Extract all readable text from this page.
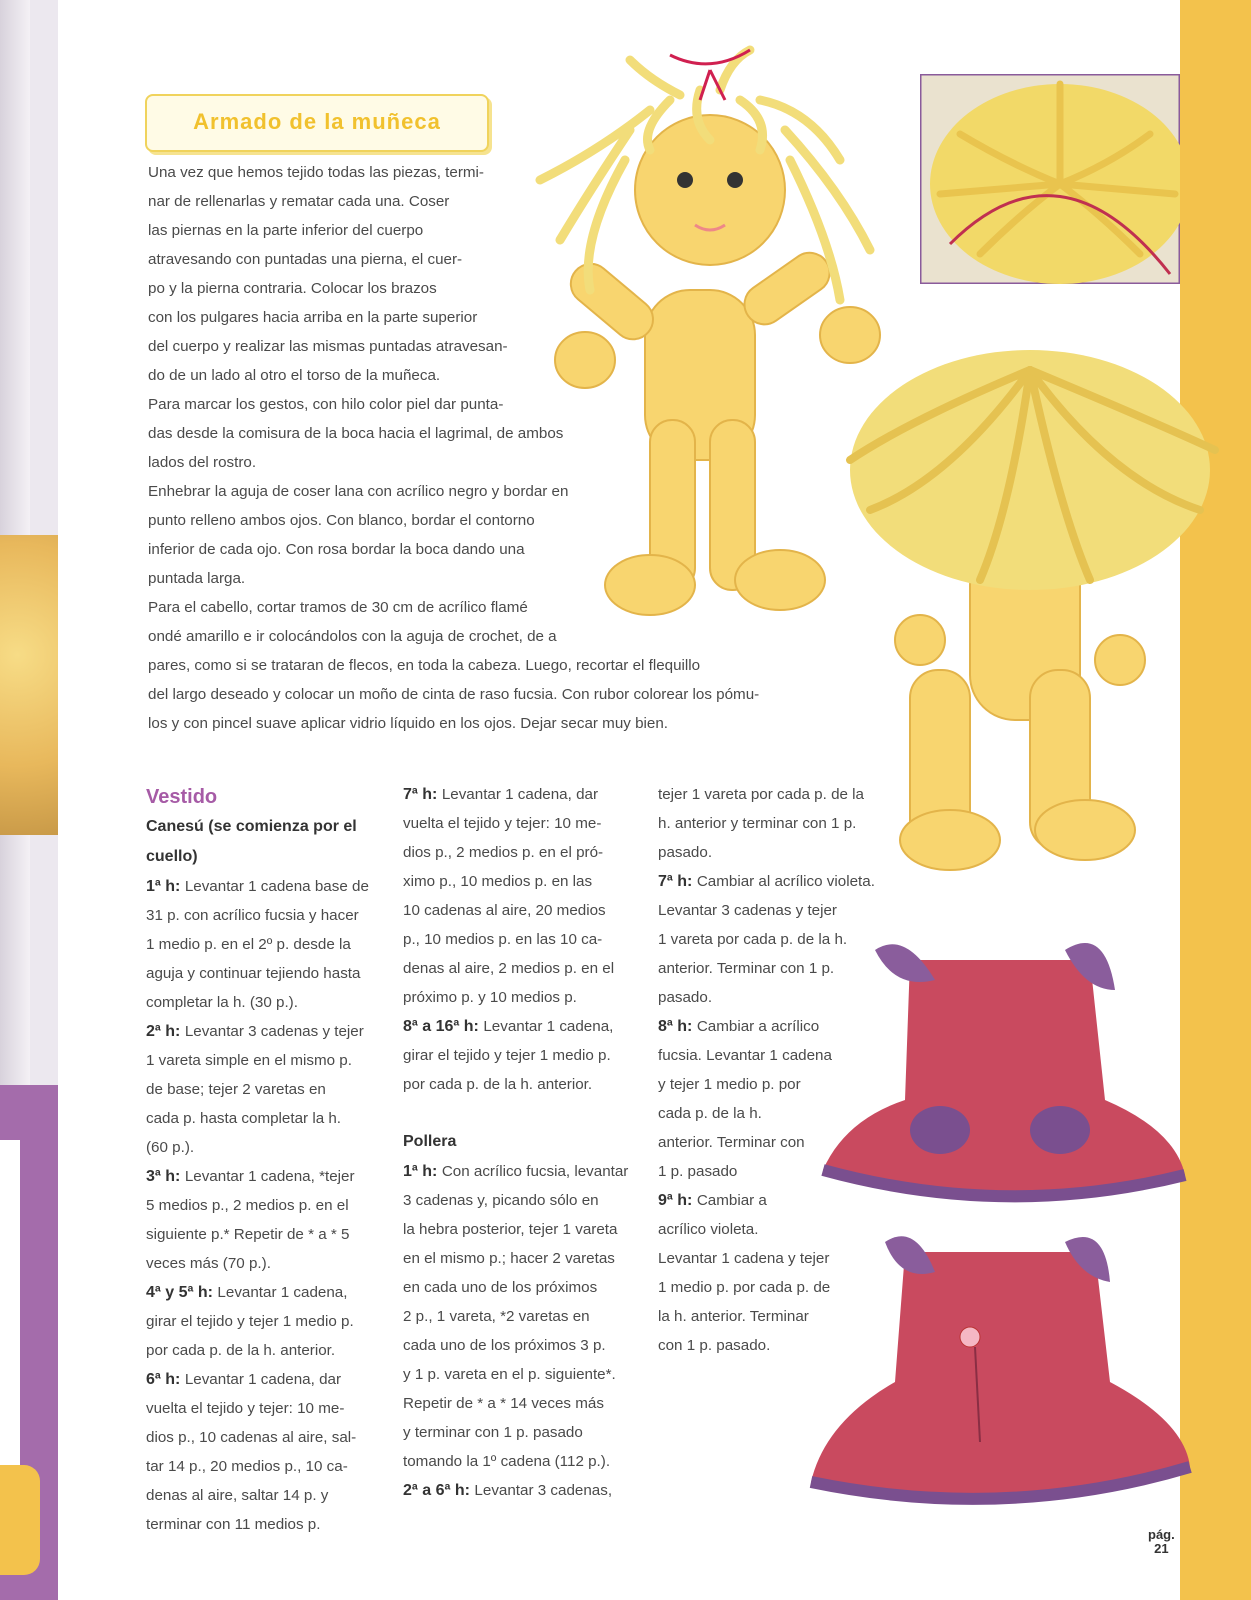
Armado de la muñeca
Una vez que hemos tejido todas las piezas, termi-
nar de rellenarlas y rematar cada una. Coser
las piernas en la parte inferior del cuerpo
atravesando con puntadas una pierna, el cuer-
po y la pierna contraria. Colocar los brazos
con los pulgares hacia arriba en la parte superior
del cuerpo y realizar las mismas puntadas atravesan-
do de un lado al otro el torso de la muñeca.
Para marcar los gestos, con hilo color piel dar punta-
das desde la comisura de la boca hacia el lagrimal, de ambos
lados del rostro.
Enhebrar la aguja de coser lana con acrílico negro y bordar en
punto relleno ambos ojos. Con blanco, bordar el contorno
inferior de cada ojo. Con rosa bordar la boca dando una
puntada larga.
Para el cabello, cortar tramos de 30 cm de acrílico flamé
ondé amarillo e ir colocándolos con la aguja de crochet, de a
pares, como si se trataran de flecos, en toda la cabeza. Luego, recortar el flequillo
del largo deseado y colocar un moño de cinta de raso fucsia. Con rubor colorear los pómu-
los y con pincel suave aplicar vidrio líquido en los ojos. Dejar secar muy bien.
Vestido
Canesú (se comienza por el cuello)
1ª h: Levantar 1 cadena base de
31 p. con acrílico fucsia y hacer
1 medio p. en el 2º p. desde la
aguja y continuar tejiendo hasta
completar la h. (30 p.).
2ª h: Levantar 3 cadenas y tejer
1 vareta simple en el mismo p.
de base; tejer 2 varetas en
cada p. hasta completar la h.
(60 p.).
3ª h: Levantar 1 cadena, *tejer
5 medios p., 2 medios p. en el
siguiente p.* Repetir de * a * 5
veces más (70 p.).
4ª y 5ª h: Levantar 1 cadena,
girar el tejido y tejer 1 medio p.
por cada p. de la h. anterior.
6ª h: Levantar 1 cadena, dar
vuelta el tejido y tejer: 10 me-
dios p., 10 cadenas al aire, sal-
tar 14 p., 20 medios p., 10 ca-
denas al aire, saltar 14 p. y
terminar con 11 medios p.
7ª h: Levantar 1 cadena, dar
vuelta el tejido y tejer: 10 me-
dios p., 2 medios p. en el pró-
ximo p., 10 medios p. en las
10 cadenas al aire, 20 medios
p., 10 medios p. en las 10 ca-
denas al aire, 2 medios p. en el
próximo p. y 10 medios p.
8ª a 16ª h: Levantar 1 cadena,
girar el tejido y tejer 1 medio p.
por cada p. de la h. anterior.
Pollera
1ª h: Con acrílico fucsia, levantar
3 cadenas y, picando sólo en
la hebra posterior, tejer 1 vareta
en el mismo p.; hacer 2 varetas
en cada uno de los próximos
2 p., 1 vareta, *2 varetas en
cada uno de los próximos 3 p.
y 1 p. vareta en el p. siguiente*.
Repetir de * a * 14 veces más
y terminar con 1 p. pasado
tomando la 1º cadena (112 p.).
2ª a 6ª h: Levantar 3 cadenas,
tejer 1 vareta por cada p. de la
h. anterior y terminar con 1 p.
pasado.
7ª h: Cambiar al acrílico violeta.
Levantar 3 cadenas y tejer
1 vareta por cada p. de la h.
anterior. Terminar con 1 p.
pasado.
8ª h: Cambiar a acrílico
fucsia. Levantar 1 cadena
y tejer 1 medio p. por
cada p. de la h.
anterior. Terminar con
1 p. pasado
9ª h: Cambiar a
acrílico violeta.
Levantar 1 cadena y tejer
1 medio p. por cada p. de
la h. anterior. Terminar
con 1 p. pasado.
pág.
21
